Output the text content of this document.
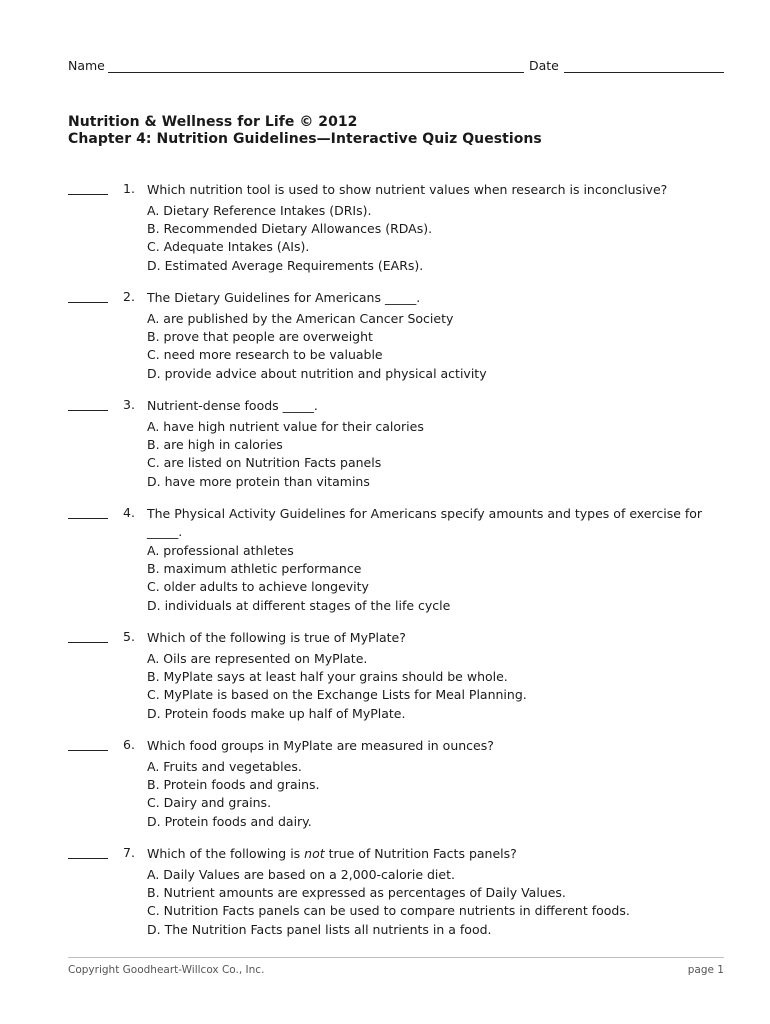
Name	Date
Nutrition & Wellness for Life © 2012
Chapter 4: Nutrition Guidelines—Interactive Quiz Questions
1. Which nutrition tool is used to show nutrient values when research is inconclusive?
A. Dietary Reference Intakes (DRIs).
B. Recommended Dietary Allowances (RDAs).
C. Adequate Intakes (AIs).
D. Estimated Average Requirements (EARs).
2. The Dietary Guidelines for Americans _____.
A. are published by the American Cancer Society
B. prove that people are overweight
C. need more research to be valuable
D. provide advice about nutrition and physical activity
3. Nutrient-dense foods _____.
A. have high nutrient value for their calories
B. are high in calories
C. are listed on Nutrition Facts panels
D. have more protein than vitamins
4. The Physical Activity Guidelines for Americans specify amounts and types of exercise for _____.
A. professional athletes
B. maximum athletic performance
C. older adults to achieve longevity
D. individuals at different stages of the life cycle
5. Which of the following is true of MyPlate?
A. Oils are represented on MyPlate.
B. MyPlate says at least half your grains should be whole.
C. MyPlate is based on the Exchange Lists for Meal Planning.
D. Protein foods make up half of MyPlate.
6. Which food groups in MyPlate are measured in ounces?
A. Fruits and vegetables.
B. Protein foods and grains.
C. Dairy and grains.
D. Protein foods and dairy.
7. Which of the following is not true of Nutrition Facts panels?
A. Daily Values are based on a 2,000-calorie diet.
B. Nutrient amounts are expressed as percentages of Daily Values.
C. Nutrition Facts panels can be used to compare nutrients in different foods.
D. The Nutrition Facts panel lists all nutrients in a food.
Copyright Goodheart-Willcox Co., Inc.	page 1
